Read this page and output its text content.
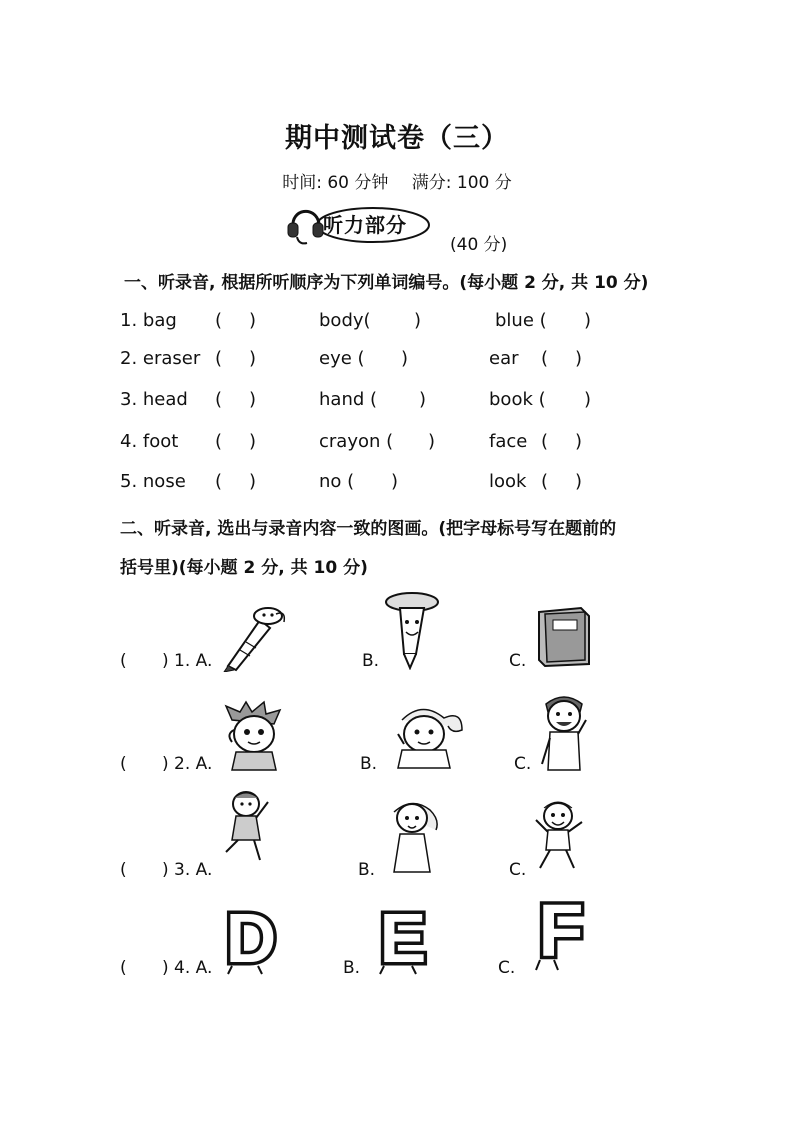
期中测试卷（三）
时间: 60 分钟 满分: 100 分
听力部分
(40 分)
一、听录音, 根据所听顺序为下列单词编号。(每小题 2 分, 共 10 分)
1. bag (   )	body( )	blue ( )
2. eraser (   )	eye ( )	ear (   )
3. head (   )	hand ( )	book ( )
4. foot (   )	crayon ( )	face (   )
5. nose (   )	no ( )	look (   )
二、听录音, 选出与录音内容一致的图画。(把字母标号写在题前的
括号里)(每小题 2 分, 共 10 分)
( ) 1. A.	B.	C.
( ) 2. A.	B.	C.
( ) 3. A.	B.	C.
( ) 4. A. D	B. E	C. F
